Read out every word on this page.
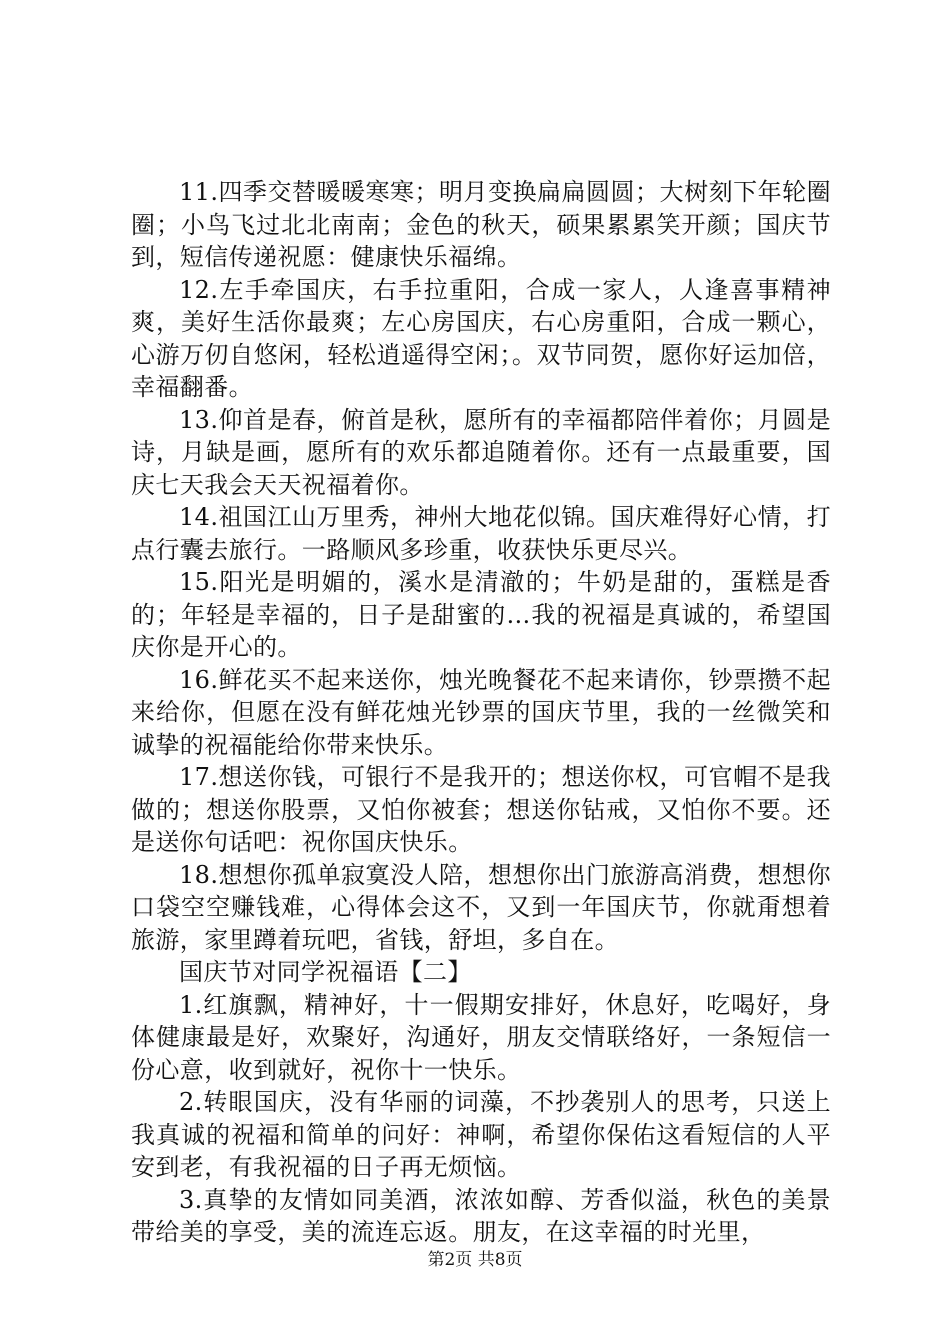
11.四季交替暖暖寒寒；明月变换扁扁圆圆；大树刻下年轮圈圈；小鸟飞过北北南南；金色的秋天，硕果累累笑开颜；国庆节到，短信传递祝愿：健康快乐福绵。

12.左手牵国庆，右手拉重阳，合成一家人，人逢喜事精神爽，美好生活你最爽；左心房国庆，右心房重阳，合成一颗心，心游万仞自悠闲，轻松逍遥得空闲；。双节同贺，愿你好运加倍，幸福翻番。

13.仰首是春，俯首是秋，愿所有的幸福都陪伴着你；月圆是诗，月缺是画，愿所有的欢乐都追随着你。还有一点最重要，国庆七天我会天天祝福着你。

14.祖国江山万里秀，神州大地花似锦。国庆难得好心情，打点行囊去旅行。一路顺风多珍重，收获快乐更尽兴。

15.阳光是明媚的，溪水是清澈的；牛奶是甜的，蛋糕是香的；年轻是幸福的，日子是甜蜜的…我的祝福是真诚的，希望国庆你是开心的。

16.鲜花买不起来送你，烛光晚餐花不起来请你，钞票攒不起来给你，但愿在没有鲜花烛光钞票的国庆节里，我的一丝微笑和诚挚的祝福能给你带来快乐。

17.想送你钱，可银行不是我开的；想送你权，可官帽不是我做的；想送你股票，又怕你被套；想送你钻戒，又怕你不要。还是送你句话吧：祝你国庆快乐。

18.想想你孤单寂寞没人陪，想想你出门旅游高消费，想想你口袋空空赚钱难，心得体会这不，又到一年国庆节，你就甭想着旅游，家里蹲着玩吧，省钱，舒坦，多自在。

国庆节对同学祝福语【二】

1.红旗飘，精神好，十一假期安排好，休息好，吃喝好，身体健康最是好，欢聚好，沟通好，朋友交情联络好，一条短信一份心意，收到就好，祝你十一快乐。

2.转眼国庆，没有华丽的词藻，不抄袭别人的思考，只送上我真诚的祝福和简单的问好：神啊，希望你保佑这看短信的人平安到老，有我祝福的日子再无烦恼。

3.真挚的友情如同美酒，浓浓如醇、芳香似溢，秋色的美景带给美的享受，美的流连忘返。朋友，在这幸福的时光里，

第2页 共8页
